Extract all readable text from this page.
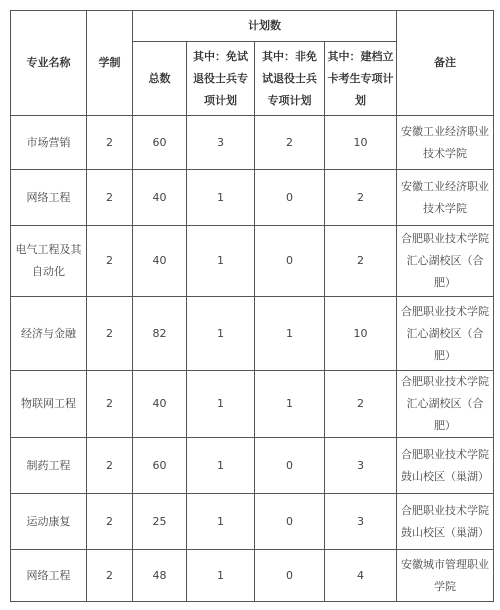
专业名称	学制	计划数				备注
		总数	其中：免试退役士兵专项计划	其中：非免试退役士兵专项计划	其中：建档立卡考生专项计划	
市场营销	2	60	3	2	10	安徽工业经济职业技术学院
网络工程	2	40	1	0	2	安徽工业经济职业技术学院
电气工程及其自动化	2	40	1	0	2	合肥职业技术学院汇心湖校区（合肥）
经济与金融	2	82	1	1	10	合肥职业技术学院汇心湖校区（合肥）
物联网工程	2	40	1	1	2	合肥职业技术学院汇心湖校区（合肥）
制药工程	2	60	1	0	3	合肥职业技术学院鼓山校区（巢湖）
运动康复	2	25	1	0	3	合肥职业技术学院鼓山校区（巢湖）
网络工程	2	48	1	0	4	安徽城市管理职业学院
